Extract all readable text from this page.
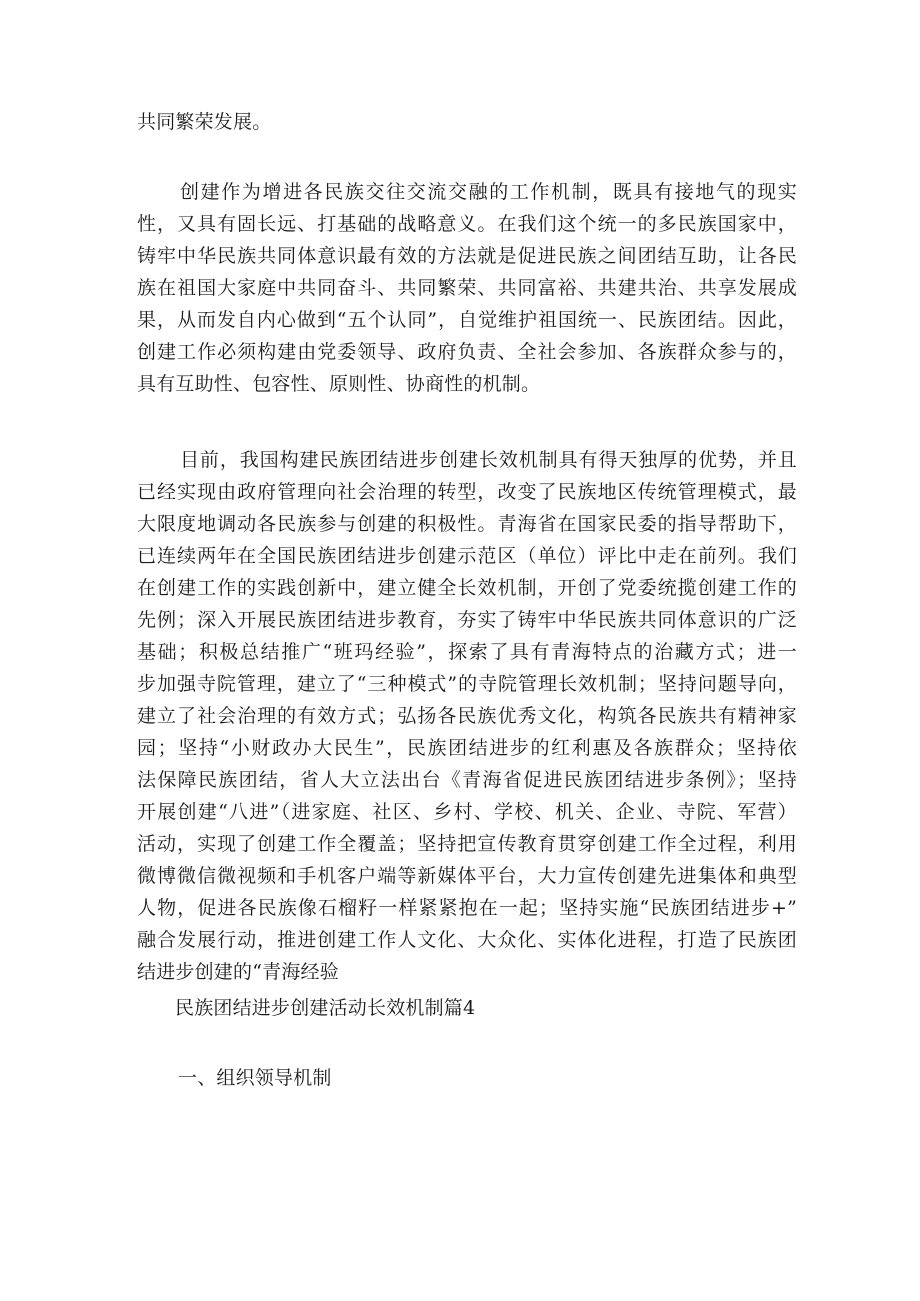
共同繁荣发展。
创建作为增进各民族交往交流交融的工作机制，既具有接地气的现实
性，又具有固长远、打基础的战略意义。在我们这个统一的多民族国家中，
铸牢中华民族共同体意识最有效的方法就是促进民族之间团结互助，让各民
族在祖国大家庭中共同奋斗、共同繁荣、共同富裕、共建共治、共享发展成
果，从而发自内心做到“五个认同”，自觉维护祖国统一、民族团结。因此，
创建工作必须构建由党委领导、政府负责、全社会参加、各族群众参与的，
具有互助性、包容性、原则性、协商性的机制。
目前，我国构建民族团结进步创建长效机制具有得天独厚的优势，并且
已经实现由政府管理向社会治理的转型，改变了民族地区传统管理模式，最
大限度地调动各民族参与创建的积极性。青海省在国家民委的指导帮助下，
已连续两年在全国民族团结进步创建示范区（单位）评比中走在前列。我们
在创建工作的实践创新中，建立健全长效机制，开创了党委统揽创建工作的
先例；深入开展民族团结进步教育，夯实了铸牢中华民族共同体意识的广泛
基础；积极总结推广“班玛经验”，探索了具有青海特点的治藏方式；进一
步加强寺院管理，建立了“三种模式”的寺院管理长效机制；坚持问题导向，
建立了社会治理的有效方式；弘扬各民族优秀文化，构筑各民族共有精神家
园；坚持“小财政办大民生”，民族团结进步的红利惠及各族群众；坚持依
法保障民族团结，省人大立法出台《青海省促进民族团结进步条例》；坚持
开展创建“八进”（进家庭、社区、乡村、学校、机关、企业、寺院、军营）
活动，实现了创建工作全覆盖；坚持把宣传教育贯穿创建工作全过程，利用
微博微信微视频和手机客户端等新媒体平台，大力宣传创建先进集体和典型
人物，促进各民族像石榴籽一样紧紧抱在一起；坚持实施“民族团结进步+”
融合发展行动，推进创建工作人文化、大众化、实体化进程，打造了民族团
结进步创建的“青海经验
民族团结进步创建活动长效机制篇4
一、组织领导机制
